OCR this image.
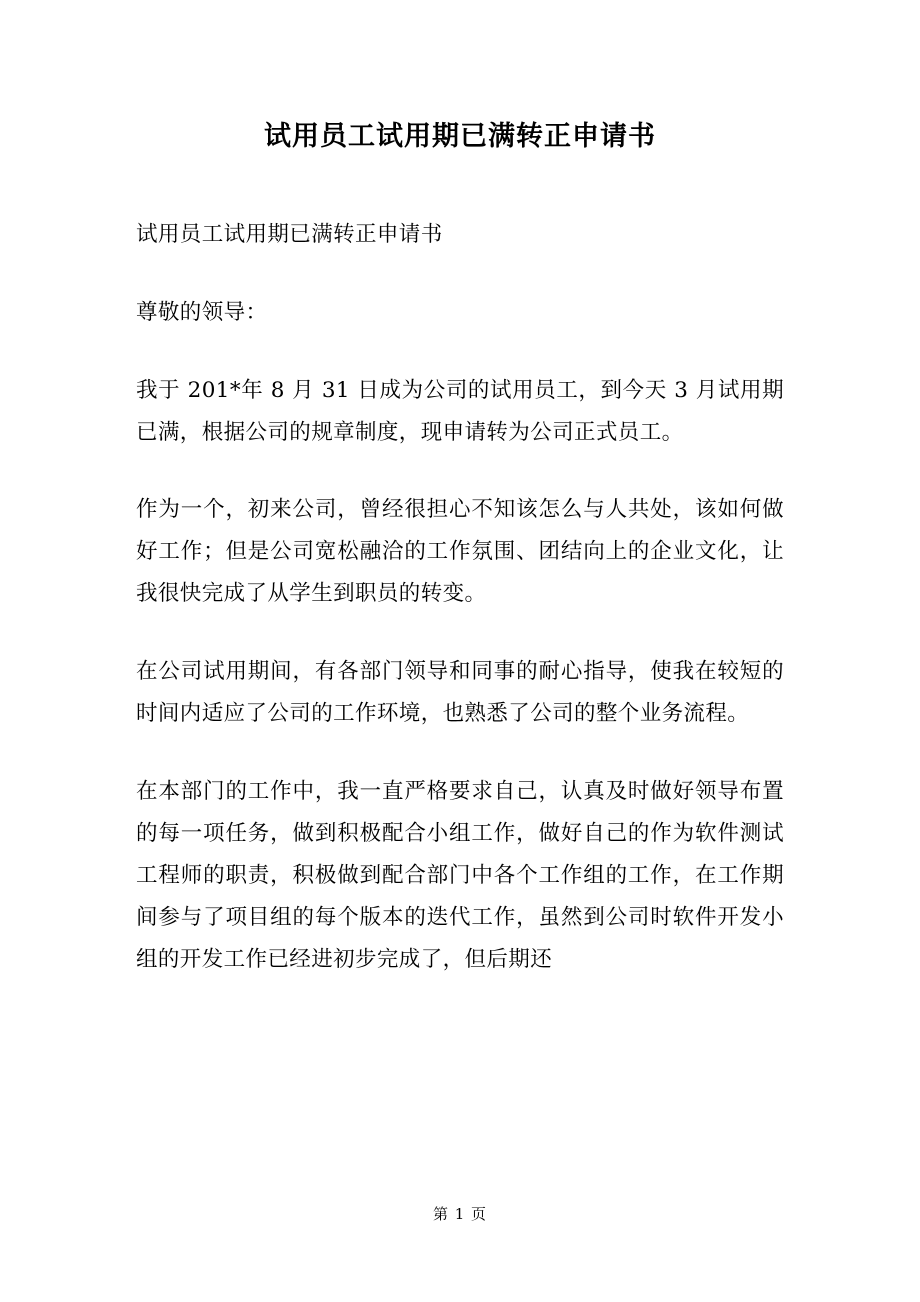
试用员工试用期已满转正申请书

试用员工试用期已满转正申请书

尊敬的领导：

我于 201*年 8 月 31 日成为公司的试用员工，到今天 3 月试用期已满，根据公司的规章制度，现申请转为公司正式员工。

作为一个，初来公司，曾经很担心不知该怎么与人共处，该如何做好工作；但是公司宽松融洽的工作氛围、团结向上的企业文化，让我很快完成了从学生到职员的转变。

在公司试用期间，有各部门领导和同事的耐心指导，使我在较短的时间内适应了公司的工作环境，也熟悉了公司的整个业务流程。

在本部门的工作中，我一直严格要求自己，认真及时做好领导布置的每一项任务，做到积极配合小组工作，做好自己的作为软件测试工程师的职责，积极做到配合部门中各个工作组的工作，在工作期间参与了项目组的每个版本的迭代工作，虽然到公司时软件开发小组的开发工作已经进初步完成了，但后期还

第 1 页
